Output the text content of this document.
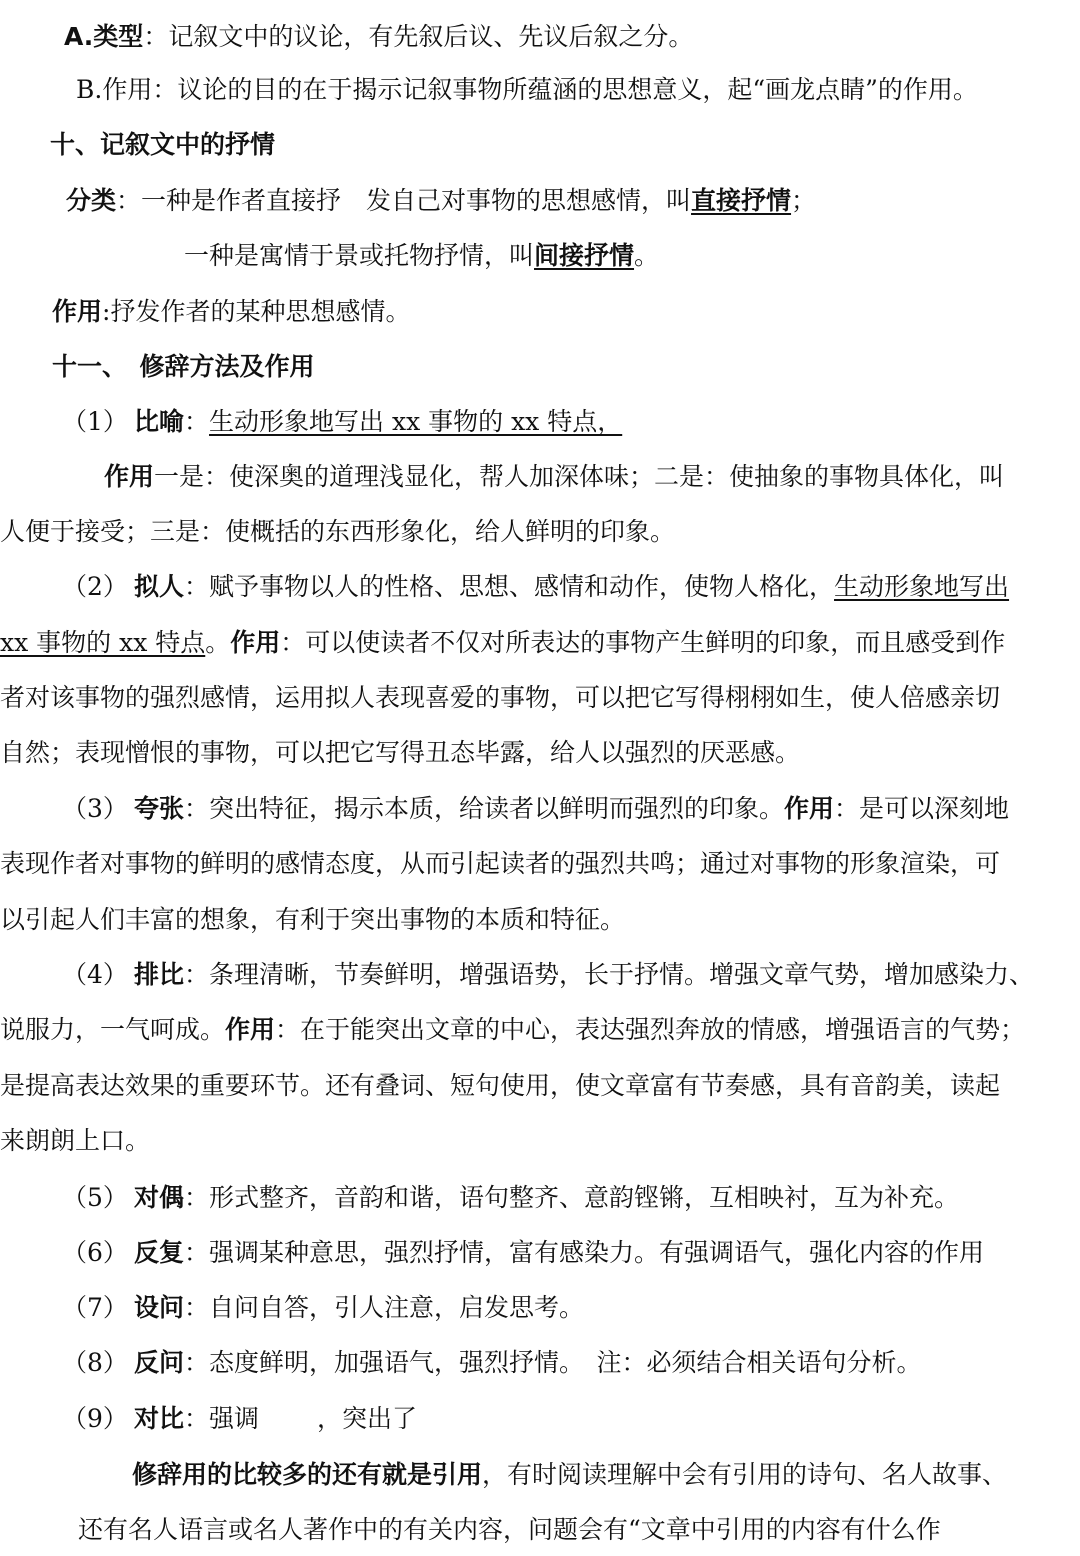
A.类型：记叙文中的议论，有先叙后议、先议后叙之分。
B.作用：议论的目的在于揭示记叙事物所蕴涵的思想意义，起“画龙点睛”的作用。
十、记叙文中的抒情
分类：一种是作者直接抒　发自己对事物的思想感情，叫直接抒情；
一种是寓情于景或托物抒情，叫间接抒情。
作用:抒发作者的某种思想感情。
十一、　修辞方法及作用
（1） 比喻：生动形象地写出 xx 事物的 xx 特点，
作用一是：使深奥的道理浅显化，帮人加深体味；二是：使抽象的事物具体化，叫
人便于接受；三是：使概括的东西形象化，给人鲜明的印象。
（2） 拟人：赋予事物以人的性格、思想、感情和动作，使物人格化，生动形象地写出
xx 事物的 xx 特点。作用：可以使读者不仅对所表达的事物产生鲜明的印象，而且感受到作
者对该事物的强烈感情，运用拟人表现喜爱的事物，可以把它写得栩栩如生，使人倍感亲切
自然；表现憎恨的事物，可以把它写得丑态毕露，给人以强烈的厌恶感。
（3） 夸张：突出特征，揭示本质，给读者以鲜明而强烈的印象。作用：是可以深刻地
表现作者对事物的鲜明的感情态度，从而引起读者的强烈共鸣；通过对事物的形象渲染，可
以引起人们丰富的想象，有利于突出事物的本质和特征。
（4） 排比：条理清晰，节奏鲜明，增强语势，长于抒情。增强文章气势，增加感染力、
说服力，一气呵成。作用：在于能突出文章的中心，表达强烈奔放的情感，增强语言的气势；
是提高表达效果的重要环节。还有叠词、短句使用，使文章富有节奏感，具有音韵美，读起
来朗朗上口。
（5） 对偶：形式整齐，音韵和谐，语句整齐、意韵铿锵，互相映衬，互为补充。
（6） 反复：强调某种意思，强烈抒情，富有感染力。有强调语气，强化内容的作用
（7） 设问：自问自答，引人注意，启发思考。
（8） 反问：态度鲜明，加强语气，强烈抒情。　注：必须结合相关语句分析。
（9） 对比：强调　　 ，突出了
修辞用的比较多的还有就是引用，有时阅读理解中会有引用的诗句、名人故事、
还有名人语言或名人著作中的有关内容，问题会有“文章中引用的内容有什么作
